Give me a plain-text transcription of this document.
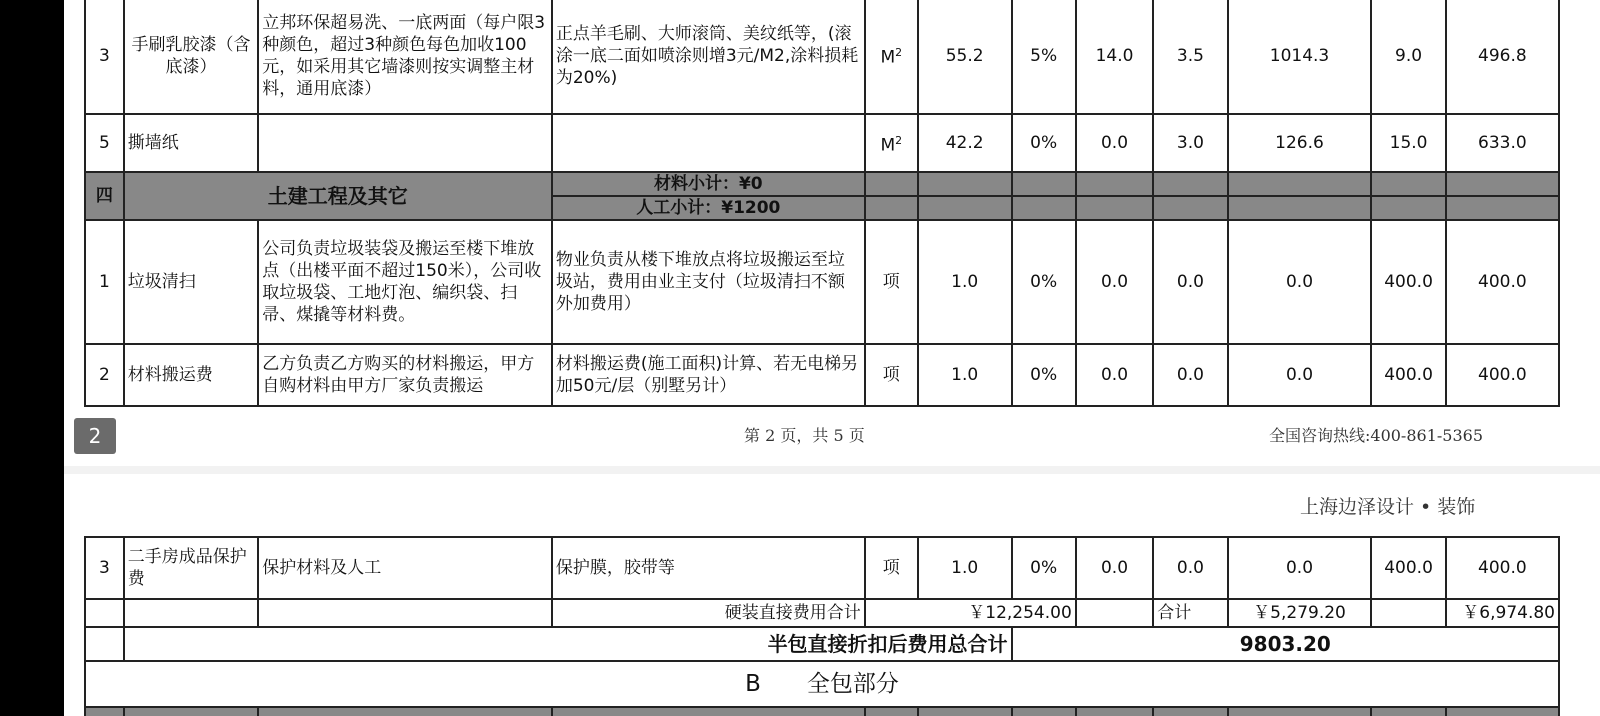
3	手刷乳胶漆（含底漆）	立邦环保超易洗、一底两面（每户限3种颜色，超过3种颜色每色加收100元，如采用其它墙漆则按实调整主材料，通用底漆）	正点羊毛刷、大师滚筒、美纹纸等，(滚涂一底二面如喷涂则增3元/M2,涂料损耗为20%)	$M^2$	55.2	5%	14.0	3.5	1014.3	9.0	496.8
5	撕墙纸			$M^2$	42.2	0%	0.0	3.0	126.6	15.0	633.0
四	土建工程及其它		材料小计：¥0								
			人工小计：¥1200								
1	垃圾清扫	公司负责垃圾装袋及搬运至楼下堆放点（出楼平面不超过150米），公司收取垃圾袋、工地灯泡、编织袋、扫帚、煤撬等材料费。	物业负责从楼下堆放点将垃圾搬运至垃圾站，费用由业主支付（垃圾清扫不额外加费用）	项	1.0	0%	0.0	0.0	0.0	400.0	400.0
2	材料搬运费	乙方负责乙方购买的材料搬运，甲方自购材料由甲方厂家负责搬运	材料搬运费(施工面积)计算、若无电梯另加50元/层（别墅另计）	项	1.0	0%	0.0	0.0	0.0	400.0	400.0
2	第 2 页，共 5 页	全国咨询热线:400-861-5365
上海边泽设计 • 装饰
3	二手房成品保护费	保护材料及人工	保护膜，胶带等	项	1.0	0%	0.0	0.0	0.0	400.0	400.0
			硬装直接费用合计	￥12,254.00				合计	￥5,279.20		￥6,974.80
	半包直接折扣后费用总合计					9803.20					
B 全包部分											
